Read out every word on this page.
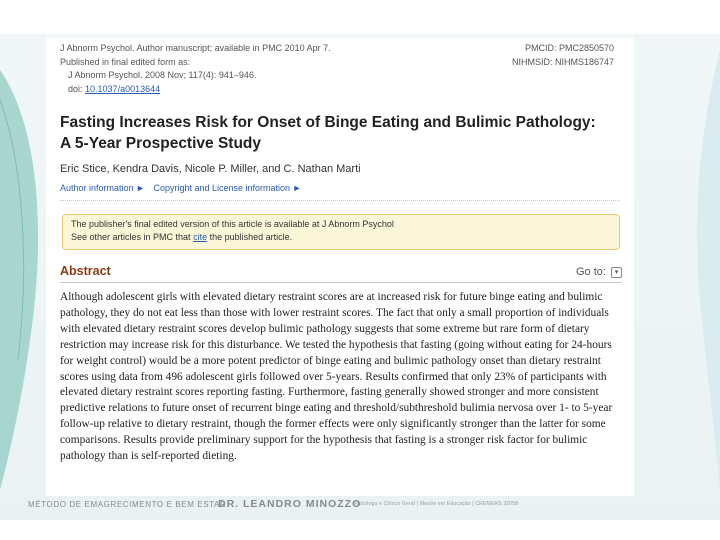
J Abnorm Psychol. Author manuscript; available in PMC 2010 Apr 7.
Published in final edited form as:
J Abnorm Psychol. 2008 Nov; 117(4): 941–946.
doi: 10.1037/a0013644
PMCID: PMC2850570
NIHMSID: NIHMS186747
Fasting Increases Risk for Onset of Binge Eating and Bulimic Pathology: A 5-Year Prospective Study
Eric Stice, Kendra Davis, Nicole P. Miller, and C. Nathan Marti
Author information ► Copyright and License information ►
The publisher's final edited version of this article is available at J Abnorm Psychol
See other articles in PMC that cite the published article.
Abstract	Go to: ▾
Although adolescent girls with elevated dietary restraint scores are at increased risk for future binge eating and bulimic pathology, they do not eat less than those with lower restraint scores. The fact that only a small proportion of individuals with elevated dietary restraint scores develop bulimic pathology suggests that some extreme but rare form of dietary restriction may increase risk for this disturbance. We tested the hypothesis that fasting (going without eating for 24-hours for weight control) would be a more potent predictor of binge eating and bulimic pathology onset than dietary restraint scores using data from 496 adolescent girls followed over 5-years. Results confirmed that only 23% of participants with elevated dietary restraint scores reporting fasting. Furthermore, fasting generally showed stronger and more consistent predictive relations to future onset of recurrent binge eating and threshold/subthreshold bulimia nervosa over 1- to 5-year follow-up relative to dietary restraint, though the former effects were only significantly stronger than the latter for some comparisons. Results provide preliminary support for the hypothesis that fasting is a stronger risk factor for bulimic pathology than is self-reported dieting.
MÉTODO DE EMAGRECIMENTO E BEM ESTAR
DR. LEANDRO MINOZZO
Nutrólogo e Clínico Geral | Mestre em Educação | CREMERS 32058
